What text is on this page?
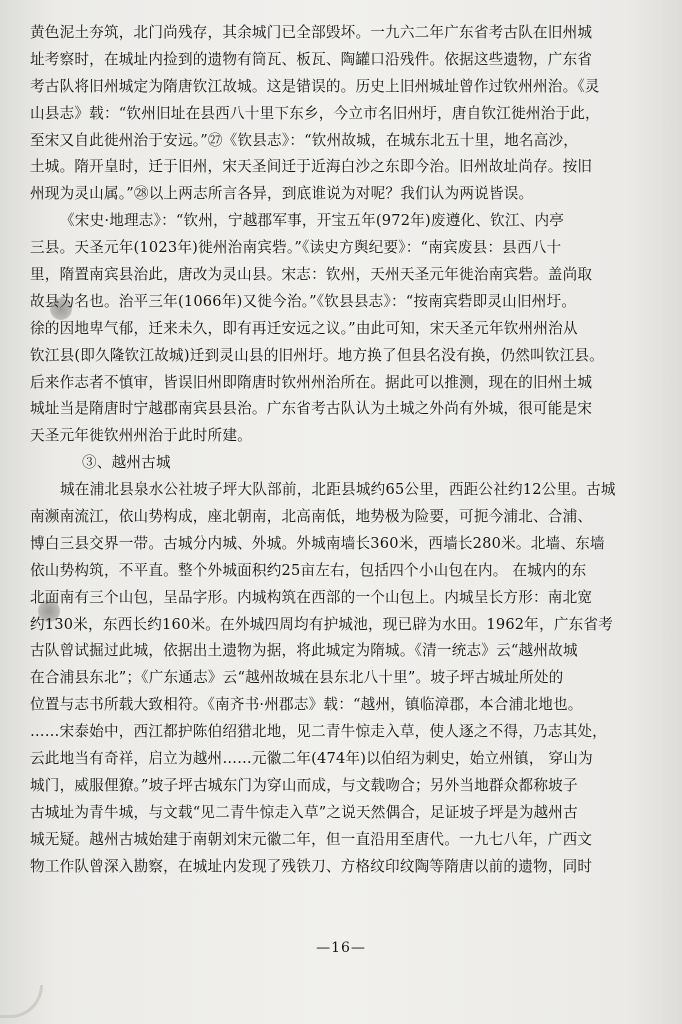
黄色泥土夯筑，北门尚残存，其余城门已全部毁坏。一九六二年广东省考古队在旧州城
址考察时，在城址内捡到的遗物有筒瓦、板瓦、陶罐口沿残件。依据这些遗物，广东省
考古队将旧州城定为隋唐钦江故城。这是错误的。历史上旧州城址曾作过钦州州治。《灵
山县志》载：“钦州旧址在县西八十里下东乡，今立市名旧州圩，唐自钦江徙州治于此，
至宋又自此徙州治于安远。”㉗《钦县志》：“钦州故城，在城东北五十里，地名高沙，
土城。隋开皇时，迁于旧州，宋天圣间迁于近海白沙之东即今治。旧州故址尚存。按旧
州现为灵山属。”㉘以上两志所言各异，到底谁说为对呢？我们认为两说皆误。
《宋史·地理志》：“钦州，宁越郡军事，开宝五年(972年)废遵化、钦江、内亭
三县。天圣元年(1023年)徙州治南宾砦。”《读史方舆纪要》：“南宾废县：县西八十
里，隋置南宾县治此，唐改为灵山县。宋志：钦州，天州天圣元年徙治南宾砦。盖尚取
故县为名也。治平三年(1066年)又徙今治。”《钦县县志》：“按南宾砦即灵山旧州圩。
徐的因地卑气郁，迁来未久，即有再迁安远之议。”由此可知，宋天圣元年钦州州治从
钦江县(即久隆钦江故城)迁到灵山县的旧州圩。地方换了但县名没有换，仍然叫钦江县。
后来作志者不慎审，皆误旧州即隋唐时钦州州治所在。据此可以推测，现在的旧州土城
城址当是隋唐时宁越郡南宾县县治。广东省考古队认为土城之外尚有外城，很可能是宋
天圣元年徙钦州州治于此时所建。
③、越州古城
城在浦北县泉水公社坡子坪大队部前，北距县城约65公里，西距公社约12公里。古城
南濒南流江，依山势构成，座北朝南，北高南低，地势极为险要，可扼今浦北、合浦、
博白三县交界一带。古城分内城、外城。外城南墙长360米，西墙长280米。北墙、东墙
依山势构筑，不平直。整个外城面积约25亩左右，包括四个小山包在内。 在城内的东
北面南有三个山包，呈品字形。内城构筑在西部的一个山包上。内城呈长方形：南北宽
约130米，东西长约160米。在外城四周均有护城池，现已辟为水田。1962年，广东省考
古队曾试掘过此城，依据出土遗物为据，将此城定为隋城。《清一统志》云“越州故城
在合浦县东北”；《广东通志》云“越州故城在县东北八十里”。坡子坪古城址所处的
位置与志书所载大致相符。《南齐书·州郡志》载：“越州，镇临漳郡，本合浦北地也。
……宋泰始中，西江都护陈伯绍猎北地，见二青牛惊走入草，使人逐之不得，乃志其处，
云此地当有奇祥，启立为越州……元徽二年(474年)以伯绍为刺史，始立州镇， 穿山为
城门，威服俚獠。”坡子坪古城东门为穿山而成，与文载吻合；另外当地群众都称坡子
古城址为青牛城，与文载“见二青牛惊走入草”之说天然偶合，足证坡子坪是为越州古
城无疑。越州古城始建于南朝刘宋元徽二年，但一直沿用至唐代。一九七八年，广西文
物工作队曾深入勘察，在城址内发现了残铁刀、方格纹印纹陶等隋唐以前的遗物，同时
—16—
